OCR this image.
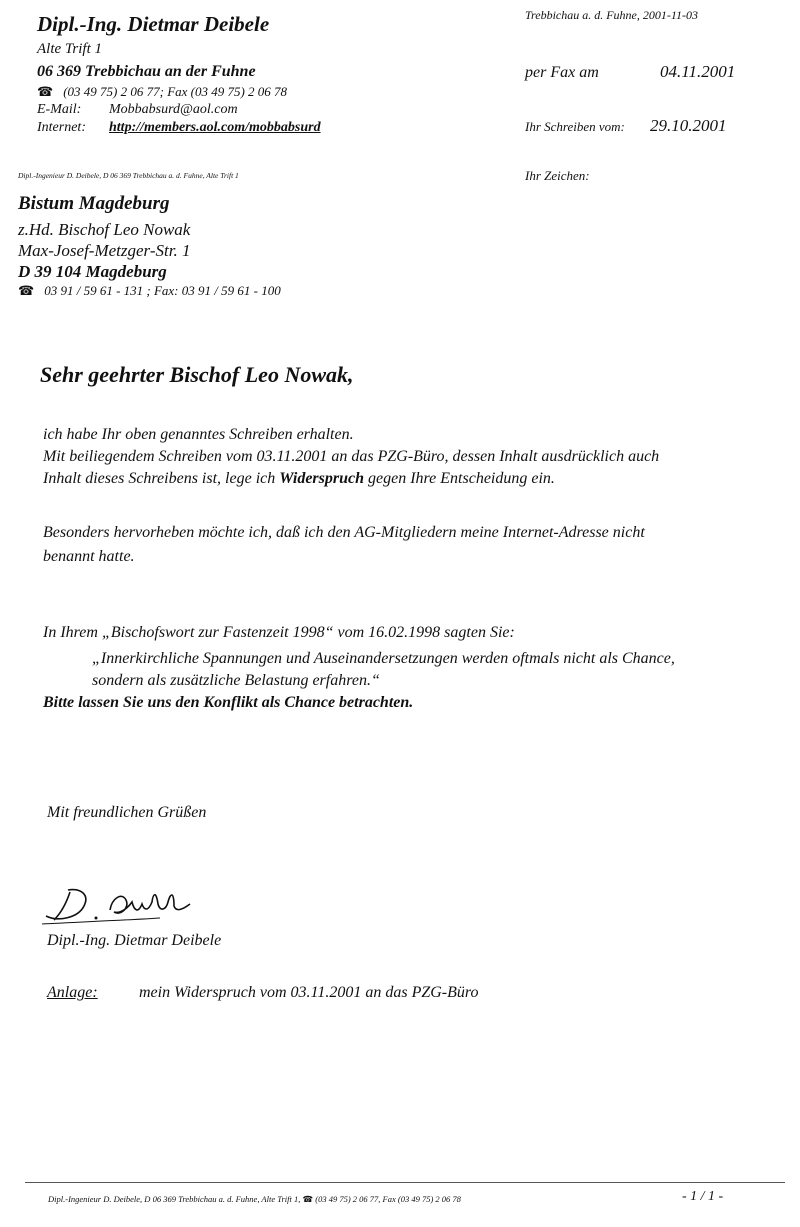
Dipl.-Ing. Dietmar Deibele
Alte Trift 1
06 369 Trebbichau an der Fuhne
☎ (03 49 75) 2 06 77; Fax (03 49 75) 2 06 78
E-Mail: Mobbabsurd@aol.com
Internet: http://members.aol.com/mobbabsurd
Trebbichau a. d. Fuhne, 2001-11-03
per Fax am	04.11.2001
Ihr Schreiben vom: 29.10.2001
Ihr Zeichen:
Dipl.-Ingenieur D. Deibele, D 06 369 Trebbichau a. d. Fuhne, Alte Trift 1
Bistum Magdeburg
z.Hd. Bischof Leo Nowak
Max-Josef-Metzger-Str. 1
D 39 104 Magdeburg
☎ 03 91 / 59 61 - 131 ; Fax: 03 91 / 59 61 - 100
Sehr geehrter Bischof Leo Nowak,
ich habe Ihr oben genanntes Schreiben erhalten.
Mit beiliegendem Schreiben vom 03.11.2001 an das PZG-Büro, dessen Inhalt ausdrücklich auch
Inhalt dieses Schreibens ist, lege ich Widerspruch gegen Ihre Entscheidung ein.
Besonders hervorheben möchte ich, daß ich den AG-Mitgliedern meine Internet-Adresse nicht
benannt hatte.
In Ihrem „Bischofswort zur Fastenzeit 1998“ vom 16.02.1998 sagten Sie:
„Innerkirchliche Spannungen und Auseinandersetzungen werden oftmals nicht als Chance,
sondern als zusätzliche Belastung erfahren.“
Bitte lassen Sie uns den Konflikt als Chance betrachten.
Mit freundlichen Grüßen
Dipl.-Ing. Dietmar Deibele
Anlage:	mein Widerspruch vom 03.11.2001 an das PZG-Büro
Dipl.-Ingenieur D. Deibele, D 06 369 Trebbichau a. d. Fuhne, Alte Trift 1, ☎ (03 49 75) 2 06 77, Fax (03 49 75) 2 06 78	- 1 / 1 -
